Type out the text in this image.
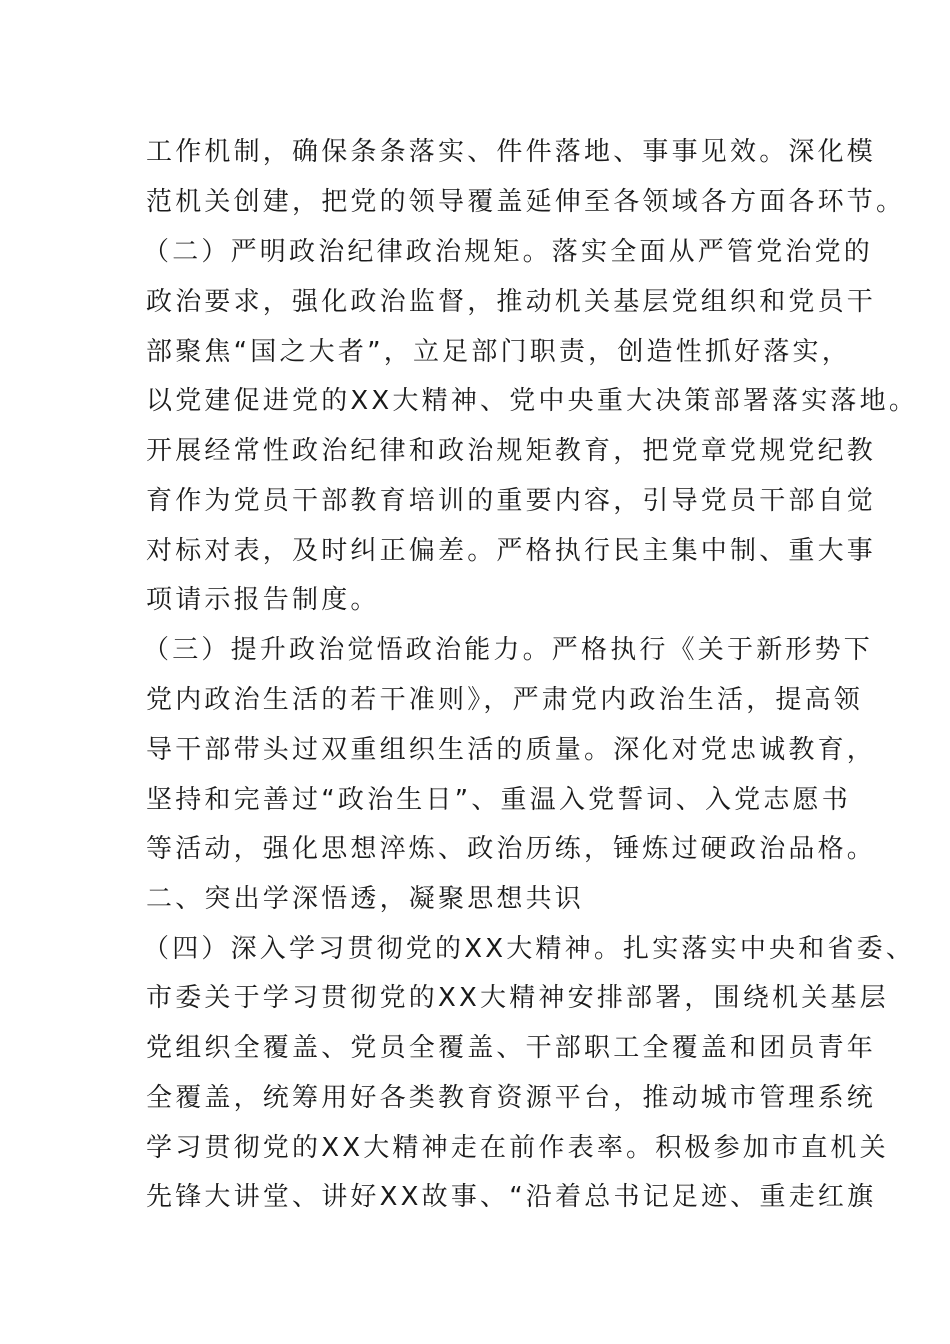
工作机制，确保条条落实、件件落地、事事见效。深化模
范机关创建，把党的领导覆盖延伸至各领域各方面各环节。
（二）严明政治纪律政治规矩。落实全面从严管党治党的
政治要求，强化政治监督，推动机关基层党组织和党员干
部聚焦“国之大者”，立足部门职责，创造性抓好落实，
以党建促进党的XX大精神、党中央重大决策部署落实落地。
开展经常性政治纪律和政治规矩教育，把党章党规党纪教
育作为党员干部教育培训的重要内容，引导党员干部自觉
对标对表，及时纠正偏差。严格执行民主集中制、重大事
项请示报告制度。
（三）提升政治觉悟政治能力。严格执行《关于新形势下
党内政治生活的若干准则》，严肃党内政治生活，提高领
导干部带头过双重组织生活的质量。深化对党忠诚教育，
坚持和完善过“政治生日”、重温入党誓词、入党志愿书
等活动，强化思想淬炼、政治历练，锤炼过硬政治品格。
二、突出学深悟透，凝聚思想共识
（四）深入学习贯彻党的XX大精神。扎实落实中央和省委、
市委关于学习贯彻党的XX大精神安排部署，围绕机关基层
党组织全覆盖、党员全覆盖、干部职工全覆盖和团员青年
全覆盖，统筹用好各类教育资源平台，推动城市管理系统
学习贯彻党的XX大精神走在前作表率。积极参加市直机关
先锋大讲堂、讲好XX故事、“沿着总书记足迹、重走红旗
